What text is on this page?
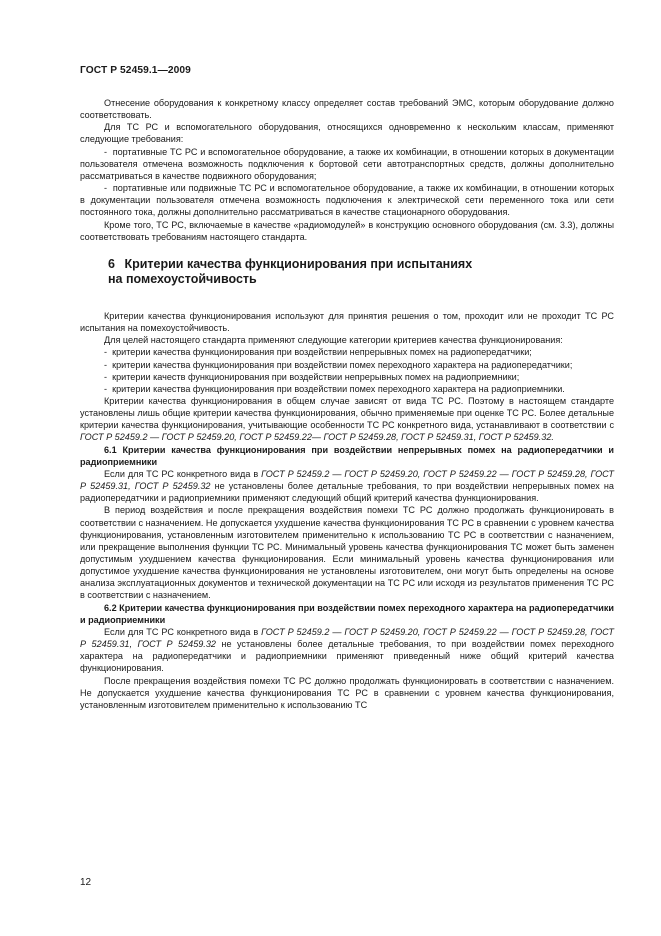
ГОСТ Р 52459.1—2009

Отнесение оборудования к конкретному классу определяет состав требований ЭМС, которым оборудование должно соответствовать.

Для ТС РС и вспомогательного оборудования, относящихся одновременно к нескольким классам, применяют следующие требования:

-  портативные ТС РС и вспомогательное оборудование, а также их комбинации, в отношении которых в документации пользователя отмечена возможность подключения к бортовой сети автотранспортных средств, должны дополнительно рассматриваться в качестве подвижного оборудования;

-  портативные или подвижные ТС РС и вспомогательное оборудование, а также их комбинации, в отношении которых в документации пользователя отмечена возможность подключения к электрической сети переменного тока или сети постоянного тока, должны дополнительно рассматриваться в качестве стационарного оборудования.

Кроме того, ТС РС, включаемые в качестве «радиомодулей» в конструкцию основного оборудования (см. 3.3), должны соответствовать требованиям настоящего стандарта.

6 Критерии качества функционирования при испытаниях
на помехоустойчивость

Критерии качества функционирования используют для принятия решения о том, проходит или не проходит ТС РС испытания на помехоустойчивость.

Для целей настоящего стандарта применяют следующие категории критериев качества функционирования:

-  критерии качества функционирования при воздействии непрерывных помех на радиопередатчики;

-  критерии качества функционирования при воздействии помех переходного характера на радиопередатчики;

-  критерии качеств функционирования при воздействии непрерывных помех на радиоприемники;

-  критерии качества функционирования при воздействии помех переходного характера на радиоприемники.

Критерии качества функционирования в общем случае зависят от вида ТС РС. Поэтому в настоящем стандарте установлены лишь общие критерии качества функционирования, обычно применяемые при оценке ТС РС. Более детальные критерии качества функционирования, учитывающие особенности ТС РС конкретного вида, устанавливают в соответствии с ГОСТ Р 52459.2 — ГОСТ Р 52459.20, ГОСТ Р 52459.22— ГОСТ Р 52459.28, ГОСТ Р 52459.31, ГОСТ Р 52459.32.

6.1 Критерии качества функционирования при воздействии непрерывных помех на радиопередатчики и радиоприемники

Если для ТС РС конкретного вида в ГОСТ Р 52459.2 — ГОСТ Р 52459.20, ГОСТ Р 52459.22 — ГОСТ Р 52459.28, ГОСТ Р 52459.31, ГОСТ Р 52459.32 не установлены более детальные требования, то при воздействии непрерывных помех на радиопередатчики и радиоприемники применяют следующий общий критерий качества функционирования.

В период воздействия и после прекращения воздействия помехи ТС РС должно продолжать функционировать в соответствии с назначением. Не допускается ухудшение качества функционирования ТС РС в сравнении с уровнем качества функционирования, установленным изготовителем применительно к использованию ТС РС в соответствии с назначением, или прекращение выполнения функции ТС РС. Минимальный уровень качества функционирования ТС может быть заменен допустимым ухудшением качества функционирования. Если минимальный уровень качества функционирования или допустимое ухудшение качества функционирования не установлены изготовителем, они могут быть определены на основе анализа эксплуатационных документов и технической документации на ТС РС или исходя из результатов применения ТС РС в соответствии с назначением.

6.2 Критерии качества функционирования при воздействии помех переходного характера на радиопередатчики и радиоприемники

Если для ТС РС конкретного вида в ГОСТ Р 52459.2 — ГОСТ Р 52459.20, ГОСТ Р 52459.22 — ГОСТ Р 52459.28, ГОСТ Р 52459.31, ГОСТ Р 52459.32 не установлены более детальные требования, то при воздействии помех переходного характера на радиопередатчики и радиоприемники применяют приведенный ниже общий критерий качества функционирования.

После прекращения воздействия помехи ТС РС должно продолжать функционировать в соответствии с назначением. Не допускается ухудшение качества функционирования ТС РС в сравнении с уровнем качества функционирования, установленным изготовителем применительно к использованию ТС

12
